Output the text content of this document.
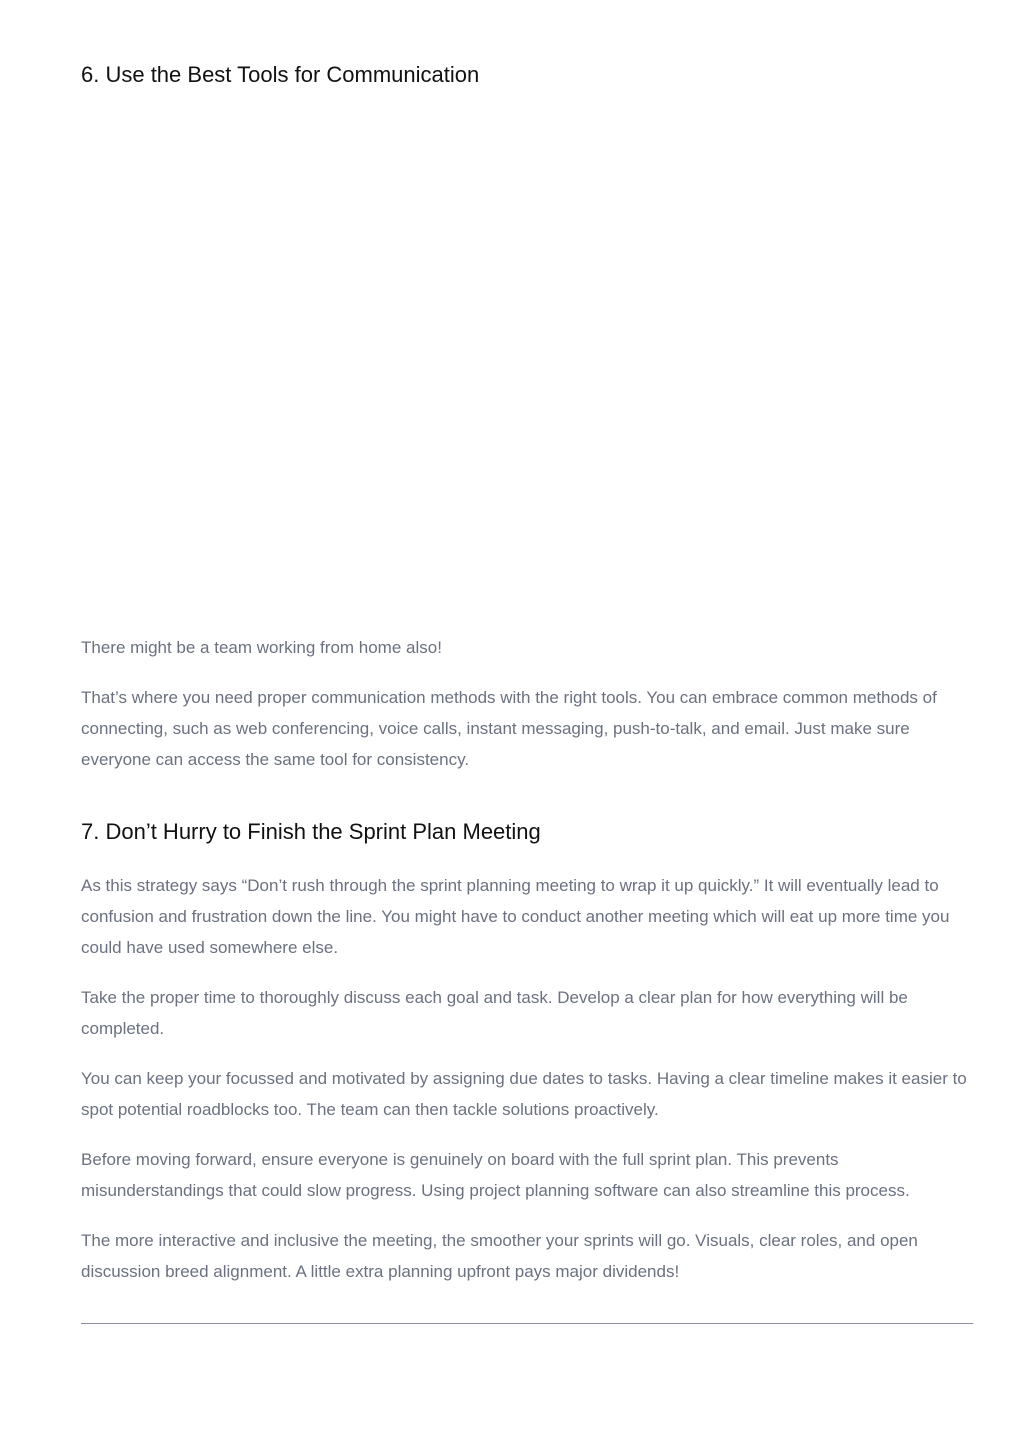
6. Use the Best Tools for Communication

There might be a team working from home also!

That’s where you need proper communication methods with the right tools. You can embrace common methods of connecting, such as web conferencing, voice calls, instant messaging, push-to-talk, and email. Just make sure everyone can access the same tool for consistency.

7. Don’t Hurry to Finish the Sprint Plan Meeting

As this strategy says “Don’t rush through the sprint planning meeting to wrap it up quickly.” It will eventually lead to confusion and frustration down the line. You might have to conduct another meeting which will eat up more time you could have used somewhere else.

Take the proper time to thoroughly discuss each goal and task. Develop a clear plan for how everything will be completed.

You can keep your focussed and motivated by assigning due dates to tasks. Having a clear timeline makes it easier to spot potential roadblocks too. The team can then tackle solutions proactively.

Before moving forward, ensure everyone is genuinely on board with the full sprint plan. This prevents misunderstandings that could slow progress. Using project planning software can also streamline this process.

The more interactive and inclusive the meeting, the smoother your sprints will go. Visuals, clear roles, and open discussion breed alignment. A little extra planning upfront pays major dividends!
